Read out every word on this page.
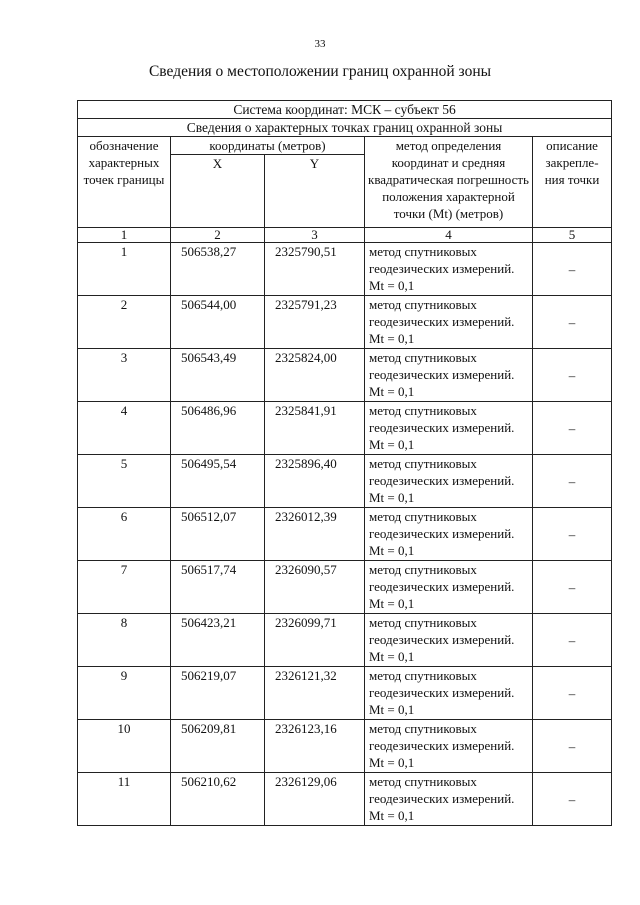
33
Сведения о местоположении границ охранной зоны
Система координат: МСК – субъект 56				
Сведения о характерных точках границ охранной зоны				
обозначение характерных точек границы	координаты (метров)		метод определения координат и средняя квадратическая погрешность положения характерной точки (Mt) (метров)	описание закрепле-ния точки
	X	Y		
1	2	3	4	5
1	506538,27	2325790,51	метод спутниковых геодезических измерений. Mt = 0,1	–
2	506544,00	2325791,23	метод спутниковых геодезических измерений. Mt = 0,1	–
3	506543,49	2325824,00	метод спутниковых геодезических измерений. Mt = 0,1	–
4	506486,96	2325841,91	метод спутниковых геодезических измерений. Mt = 0,1	–
5	506495,54	2325896,40	метод спутниковых геодезических измерений. Mt = 0,1	–
6	506512,07	2326012,39	метод спутниковых геодезических измерений. Mt = 0,1	–
7	506517,74	2326090,57	метод спутниковых геодезических измерений. Mt = 0,1	–
8	506423,21	2326099,71	метод спутниковых геодезических измерений. Mt = 0,1	–
9	506219,07	2326121,32	метод спутниковых геодезических измерений. Mt = 0,1	–
10	506209,81	2326123,16	метод спутниковых геодезических измерений. Mt = 0,1	–
11	506210,62	2326129,06	метод спутниковых геодезических измерений. Mt = 0,1	–
